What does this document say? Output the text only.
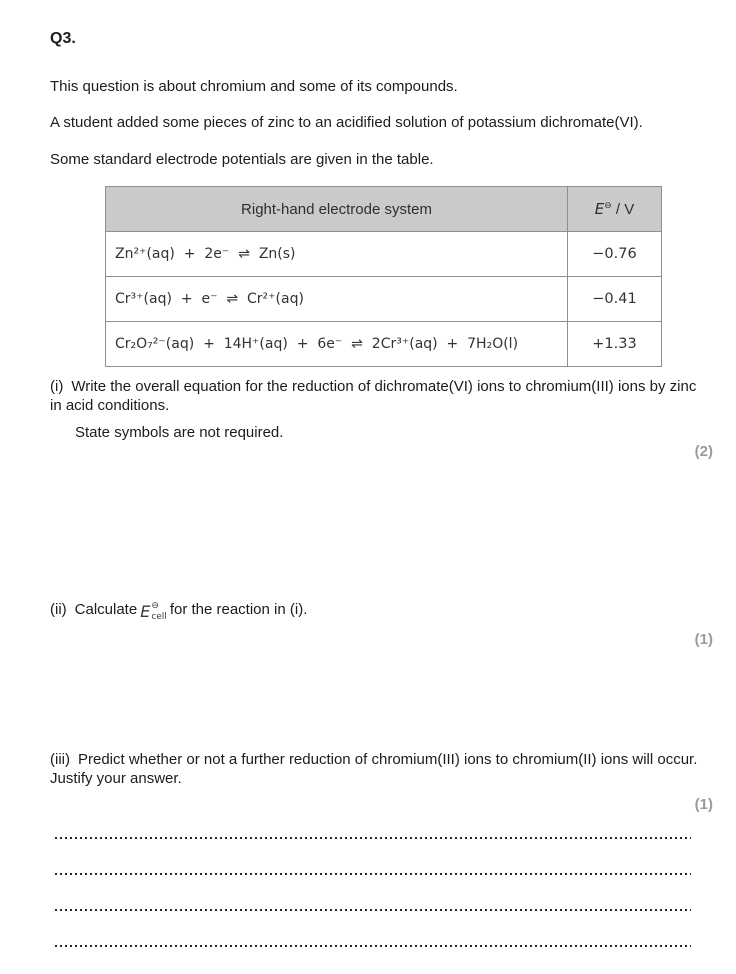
Q3.

This question is about chromium and some of its compounds.

A student added some pieces of zinc to an acidified solution of potassium dichromate(VI).

Some standard electrode potentials are given in the table.

Right-hand electrode system	E⊖ / V
Zn²⁺(aq)  +  2e⁻  ⇌  Zn(s)	−0.76
Cr³⁺(aq)  +  e⁻  ⇌  Cr²⁺(aq)	−0.41
Cr₂O₇²⁻(aq)  +  14H⁺(aq)  +  6e⁻  ⇌  2Cr³⁺(aq)  +  7H₂O(l)	+1.33

(i) Write the overall equation for the reduction of dichromate(VI) ions to chromium(III) ions by zinc in acid conditions.

State symbols are not required.

(2)

(ii) Calculate E ⊖
cell for the reaction in (i).

(1)

(iii) Predict whether or not a further reduction of chromium(III) ions to chromium(II) ions will occur. Justify your answer.

(1)
